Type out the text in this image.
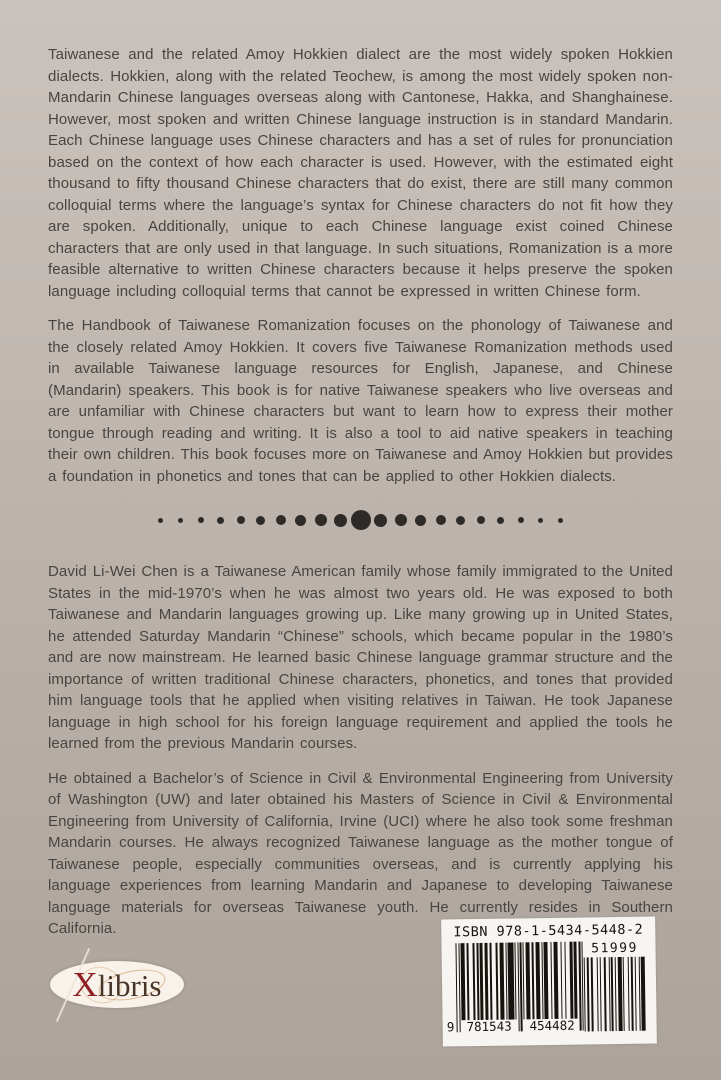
Taiwanese and the related Amoy Hokkien dialect are the most widely spoken Hokkien dialects. Hokkien, along with the related Teochew, is among the most widely spoken non-Mandarin Chinese languages overseas along with Cantonese, Hakka, and Shanghainese. However, most spoken and written Chinese language instruction is in standard Mandarin. Each Chinese language uses Chinese characters and has a set of rules for pronunciation based on the context of how each character is used. However, with the estimated eight thousand to fifty thousand Chinese characters that do exist, there are still many common colloquial terms where the language’s syntax for Chinese characters do not fit how they are spoken. Additionally, unique to each Chinese language exist coined Chinese characters that are only used in that language. In such situations, Romanization is a more feasible alternative to written Chinese characters because it helps preserve the spoken language including colloquial terms that cannot be expressed in written Chinese form.

The Handbook of Taiwanese Romanization focuses on the phonology of Taiwanese and the closely related Amoy Hokkien. It covers five Taiwanese Romanization methods used in available Taiwanese language resources for English, Japanese, and Chinese (Mandarin) speakers. This book is for native Taiwanese speakers who live overseas and are unfamiliar with Chinese characters but want to learn how to express their mother tongue through reading and writing. It is also a tool to aid native speakers in teaching their own children. This book focuses more on Taiwanese and Amoy Hokkien but provides a foundation in phonetics and tones that can be applied to other Hokkien dialects.

David Li-Wei Chen is a Taiwanese American family whose family immigrated to the United States in the mid-1970’s when he was almost two years old. He was exposed to both Taiwanese and Mandarin languages growing up. Like many growing up in United States, he attended Saturday Mandarin “Chinese” schools, which became popular in the 1980’s and are now mainstream. He learned basic Chinese language grammar structure and the importance of written traditional Chinese characters, phonetics, and tones that provided him language tools that he applied when visiting relatives in Taiwan. He took Japanese language in high school for his foreign language requirement and applied the tools he learned from the previous Mandarin courses.

He obtained a Bachelor’s of Science in Civil & Environmental Engineering from University of Washington (UW) and later obtained his Masters of Science in Civil & Environmental Engineering from University of California, Irvine (UCI) where he also took some freshman Mandarin courses. He always recognized Taiwanese language as the mother tongue of Taiwanese people, especially communities overseas, and is currently applying his language experiences from learning Mandarin and Japanese to developing Taiwanese language materials for overseas Taiwanese youth. He currently resides in Southern California.

Xlibris
ISBN 978-1-5434-5448-2
9 781543	454482
51999
